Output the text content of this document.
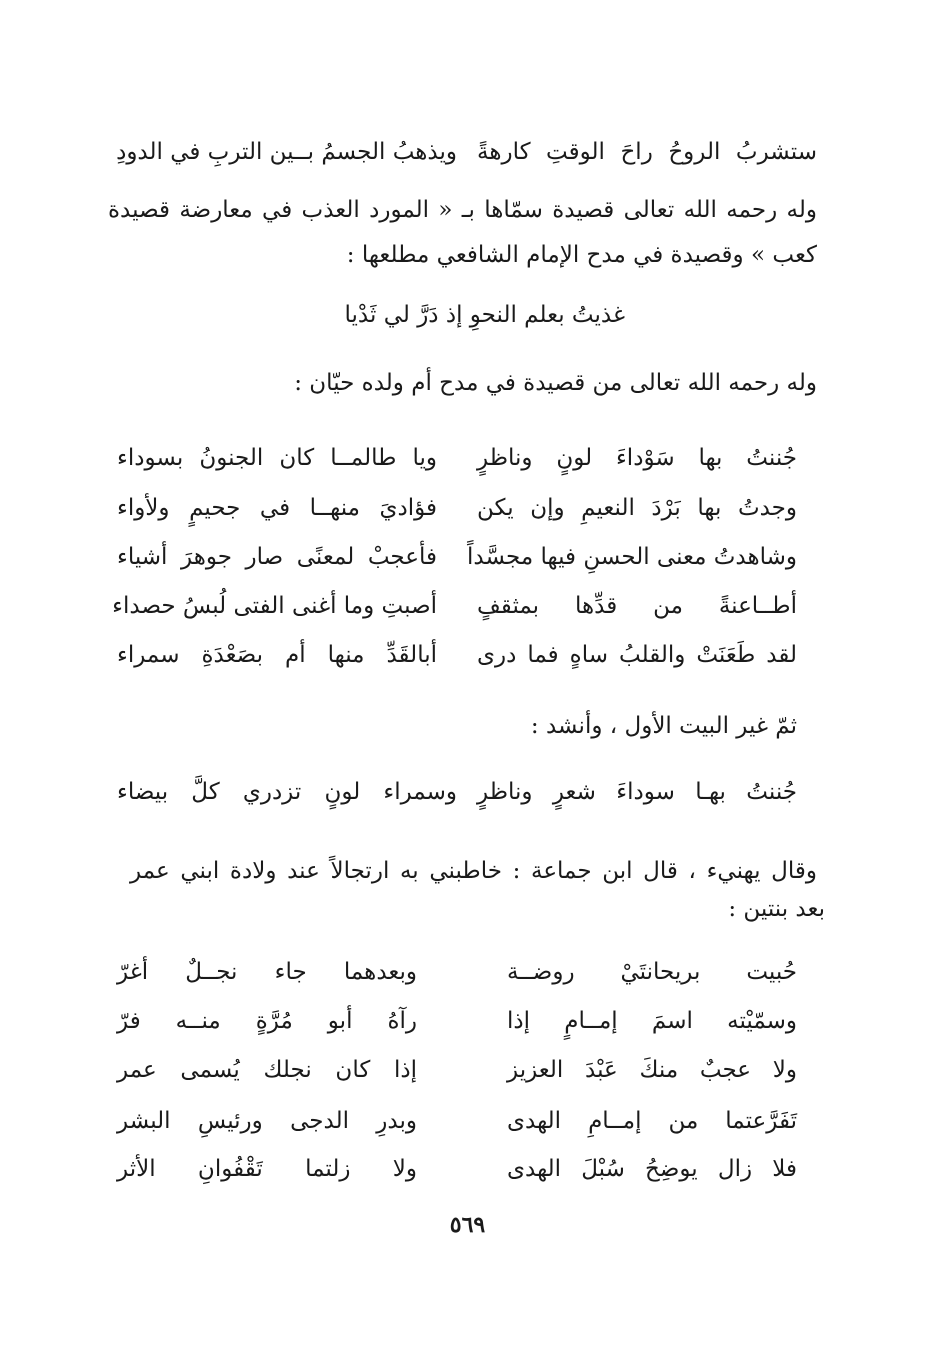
ستشربُ الروحُ راحَ الوقتِ كارهةً
ويذهبُ الجسمُ بــين التربِ في الدودِ
وله رحمه الله تعالى قصيدة سمّاها بـ « المورد العذب في معارضة قصيدة
كعب » وقصيدة في مدح الإمام الشافعي مطلعها :
غذيتُ بعلم النحوِ إذ دَرَّ لي ثَدْيا
وله رحمه الله تعالى من قصيدة في مدح أم ولده حيّان :
جُننتُ بها سَوْداءَ لونٍ وناظرٍ
ويا طالمــا كان الجنونُ بسوداء
وجدتُ بها بَرْدَ النعيمِ وإن يكن
فؤاديَ منهــا في جحيمٍ ولأواء
وشاهدتُ معنى الحسنِ فيها مجسَّداً
فأعجبْ لمعنًى صار جوهرَ أشياء
أطــاعنةً من قدِّها بمثقفٍ
أصبتِ وما أغنى الفتى لُبسُ حصداء
لقد طَعَنَتْ والقلبُ ساهٍ فما درى
أبالقَدِّ منها أم بصَعْدَةِ سمراء
ثمّ غير البيت الأول ، وأنشد :
جُننتُ بهـا سوداءَ شعرٍ وناظرٍ
وسمراء لونٍ تزدري كلَّ بيضاء
وقال يهنيء ، قال ابن جماعة : خاطبني به ارتجالاً عند ولادة ابني عمر
بعد بنتين :
حُبيت بريحانتَيْ روضــة
وبعدهما جاء نجــلٌ أغرّ
وسمّيْته اسمَ إمــامٍ إذا
رآهُ أبو مُرَّةٍ منــه فرّ
ولا عجبٌ منكَ عَبْدَ العزيز
إذا كان نجلك يُسمى عمر
تَفَرَّعتما من إمــامِ الهدى
وبدرِ الدجى ورئيسِ البشر
فلا زال يوضِحُ سُبْلَ الهدى
ولا زلتما تَقْفُوانِ الأثر
٥٦٩
